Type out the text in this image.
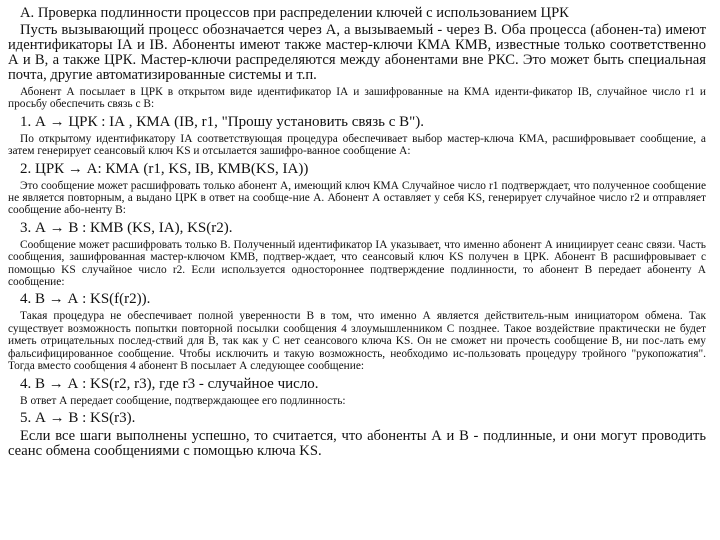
А. Проверка подлинности процессов при распределении ключей с использованием ЦРК

Пусть вызывающий процесс обозначается через А, а вызываемый - через В. Оба процесса (абонен-та) имеют идентификаторы IА и IВ. Абоненты имеют также мастер-ключи КМА КМВ, известные только соответственно А и В, а также ЦРК. Мастер-ключи распределяются между абонентами вне РКС. Это может быть специальная почта, другие автоматизированные системы и т.п.

Абонент А посылает в ЦРК в открытом виде идентификатор IА и зашифрованные на КМА иденти-фикатор IВ, случайное число r1 и просьбу обеспечить связь с В:

1. А → ЦРК : IА , КМА (IВ, r1, "Прошу установить связь с В").

По открытому идентификатору IА соответствующая процедура обеспечивает выбор мастер-ключа КМА, расшифровывает сообщение, а затем генерирует сеансовый ключ KS и отсылается зашифро-ванное сообщение А:

2. ЦРК → А: КМА (r1, KS, IВ, КМВ(KS, IА))

Это сообщение может расшифровать только абонент А, имеющий ключ КМА Случайное число r1 подтверждает, что полученное сообщение не является повторным, а выдано ЦРК в ответ на сообще-ние А. Абонент А оставляет у себя KS, генерирует случайное число r2 и отправляет сообщение або-ненту В:

3. А → В : КМВ (KS, IА), KS(r2).

Сообщение может расшифровать только В. Полученный идентификатор IА указывает, что именно абонент А инициирует сеанс связи. Часть сообщения, зашифрованная мастер-ключом КМВ, подтвер-ждает, что сеансовый ключ KS получен в ЦРК. Абонент В расшифровывает с помощью KS случайное число r2. Если используется одностороннее подтверждение подлинности, то абонент В передает абоненту А сообщение:

4. В → А : KS(f(r2)).

Такая процедура не обеспечивает полной уверенности В в том, что именно А является действитель-ным инициатором обмена. Так существует возможность попытки повторной посылки сообщения 4 злоумышленником С позднее. Такое воздействие практически не будет иметь отрицательных послед-ствий для В, так как у С нет сеансового ключа KS. Он не сможет ни прочесть сообщение В, ни пос-лать ему фальсифицированное сообщение. Чтобы исключить и такую возможность, необходимо ис-пользовать процедуру тройного "рукопожатия". Тогда вместо сообщения 4 абонент В посылает А следующее сообщение:

4. В → А : KS(r2, r3), где r3 - случайное число.

В ответ А передает сообщение, подтверждающее его подлинность:

5. А → В : KS(r3).

Если все шаги выполнены успешно, то считается, что абоненты А и В - подлинные, и они могут проводить сеанс обмена сообщениями с помощью ключа KS.
